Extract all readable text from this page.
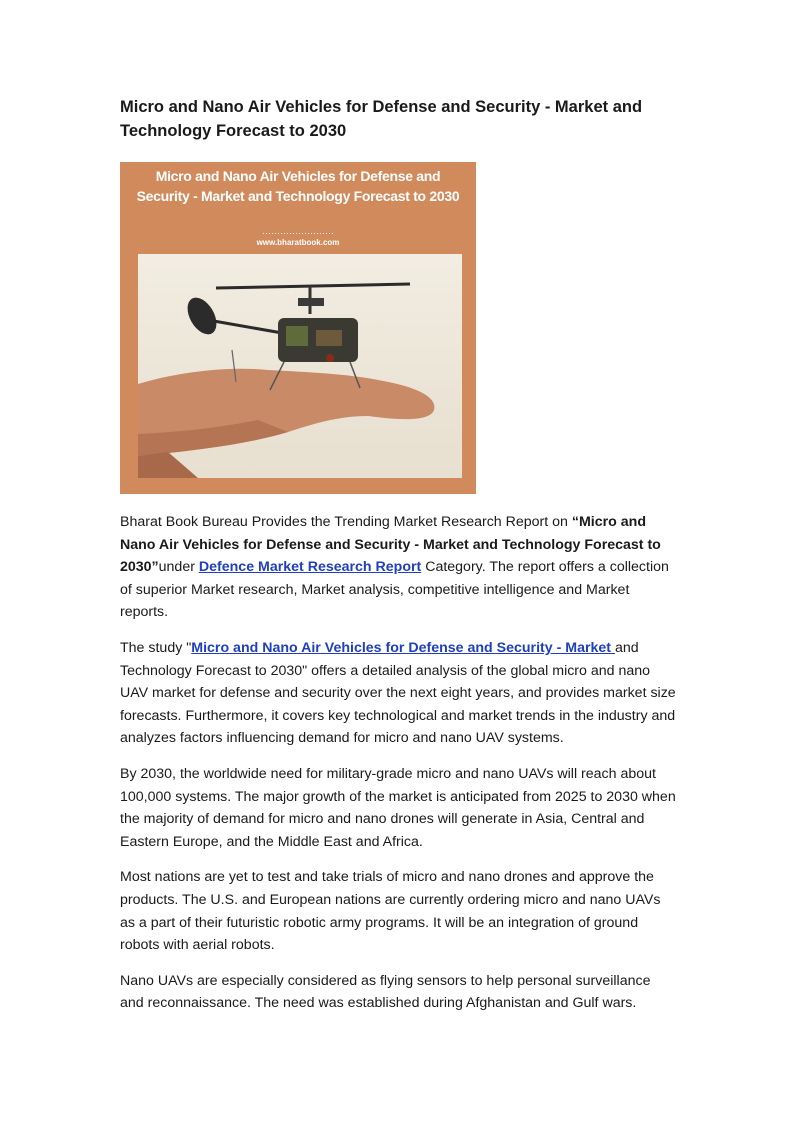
Micro and Nano Air Vehicles for Defense and Security - Market and Technology Forecast to 2030
Micro and Nano Air Vehicles for Defense and Security - Market and Technology Forecast to 2030
……………………
www.bharatbook.com

Bharat Book Bureau Provides the Trending Market Research Report on “Micro and Nano Air Vehicles for Defense and Security - Market and Technology Forecast to 2030”under Defence Market Research Report Category. The report offers a collection of superior Market research, Market analysis, competitive intelligence and Market reports.

The study "Micro and Nano Air Vehicles for Defense and Security - Market and Technology Forecast to 2030" offers a detailed analysis of the global micro and nano UAV market for defense and security over the next eight years, and provides market size forecasts. Furthermore, it covers key technological and market trends in the industry and analyzes factors influencing demand for micro and nano UAV systems.

By 2030, the worldwide need for military-grade micro and nano UAVs will reach about 100,000 systems. The major growth of the market is anticipated from 2025 to 2030 when the majority of demand for micro and nano drones will generate in Asia, Central and Eastern Europe, and the Middle East and Africa.

Most nations are yet to test and take trials of micro and nano drones and approve the products. The U.S. and European nations are currently ordering micro and nano UAVs as a part of their futuristic robotic army programs. It will be an integration of ground robots with aerial robots.

Nano UAVs are especially considered as flying sensors to help personal surveillance and reconnaissance. The need was established during Afghanistan and Gulf wars.
